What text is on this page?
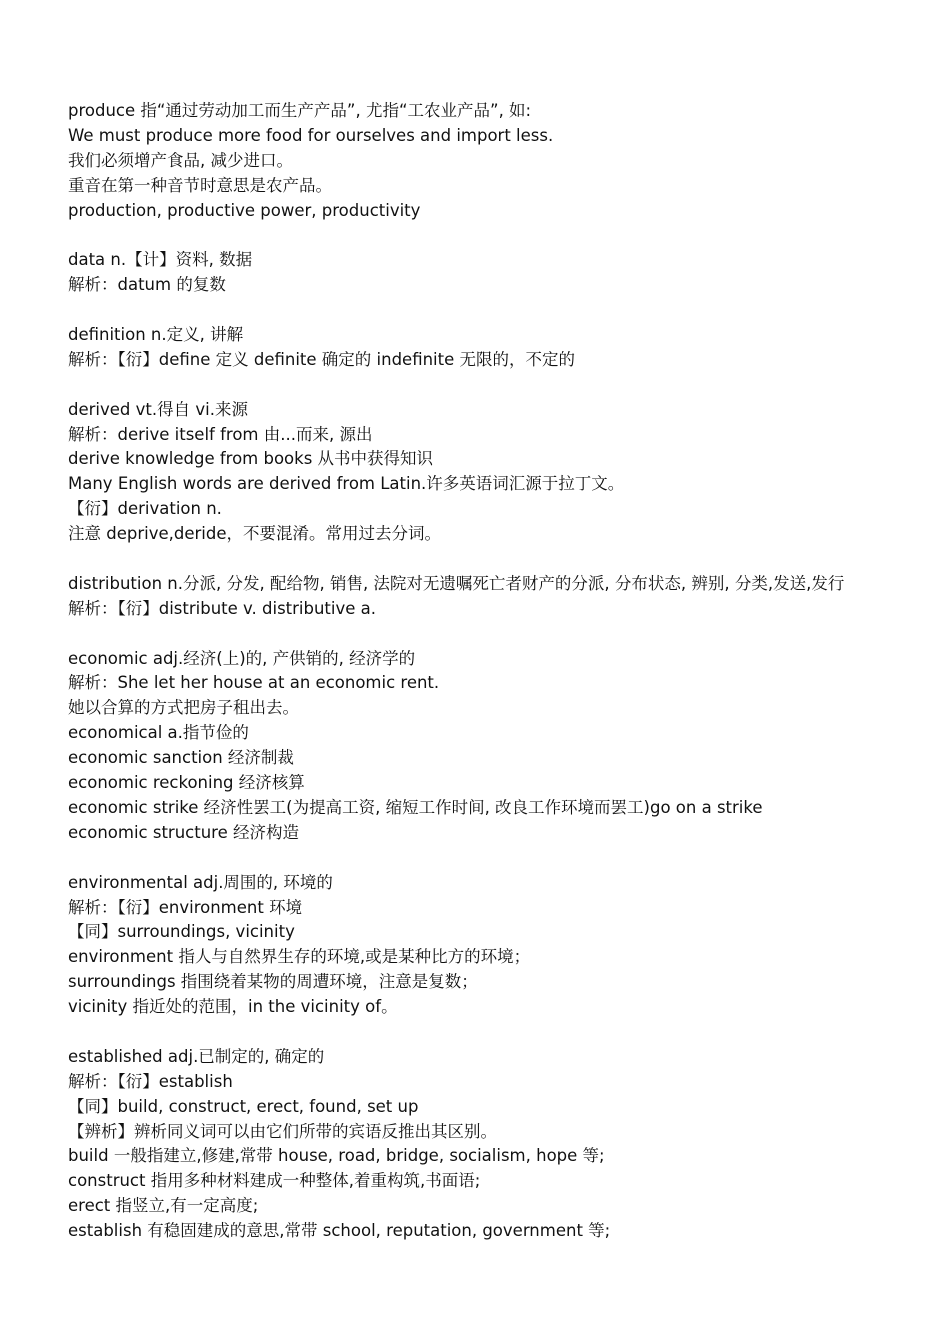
produce 指“通过劳动加工而生产产品”, 尤指“工农业产品”, 如:
We must produce more food for ourselves and import less.
我们必须增产食品, 减少进口。
重音在第一种音节时意思是农产品。
production, productive power, productivity
data n.【计】资料, 数据
解析：datum 的复数
definition n.定义, 讲解
解析：【衍】define 定义 definite 确定的 indefinite 无限的，不定的
derived vt.得自 vi.来源
解析：derive itself from 由...而来, 源出
derive knowledge from books 从书中获得知识
Many English words are derived from Latin.许多英语词汇源于拉丁文。
【衍】derivation n.
注意 deprive,deride，不要混淆。常用过去分词。
distribution n.分派, 分发, 配给物, 销售, 法院对无遗嘱死亡者财产的分派, 分布状态, 辨别, 分类,发送,发行
解析：【衍】distribute v. distributive a.
economic adj.经济(上)的, 产供销的, 经济学的
解析：She let her house at an economic rent.
她以合算的方式把房子租出去。
economical a.指节俭的
economic sanction 经济制裁
economic reckoning 经济核算
economic strike 经济性罢工(为提高工资, 缩短工作时间, 改良工作环境而罢工)go on a strike
economic structure 经济构造
environmental adj.周围的, 环境的
解析：【衍】environment 环境
【同】surroundings, vicinity
environment 指人与自然界生存的环境,或是某种比方的环境；
surroundings 指围绕着某物的周遭环境，注意是复数；
vicinity 指近处的范围，in the vicinity of。
established adj.已制定的, 确定的
解析：【衍】establish
【同】build, construct, erect, found, set up
【辨析】辨析同义词可以由它们所带的宾语反推出其区别。
build 一般指建立,修建,常带 house, road, bridge, socialism, hope 等;
construct 指用多种材料建成一种整体,着重构筑,书面语;
erect 指竖立,有一定高度;
establish 有稳固建成的意思,常带 school, reputation, government 等;
